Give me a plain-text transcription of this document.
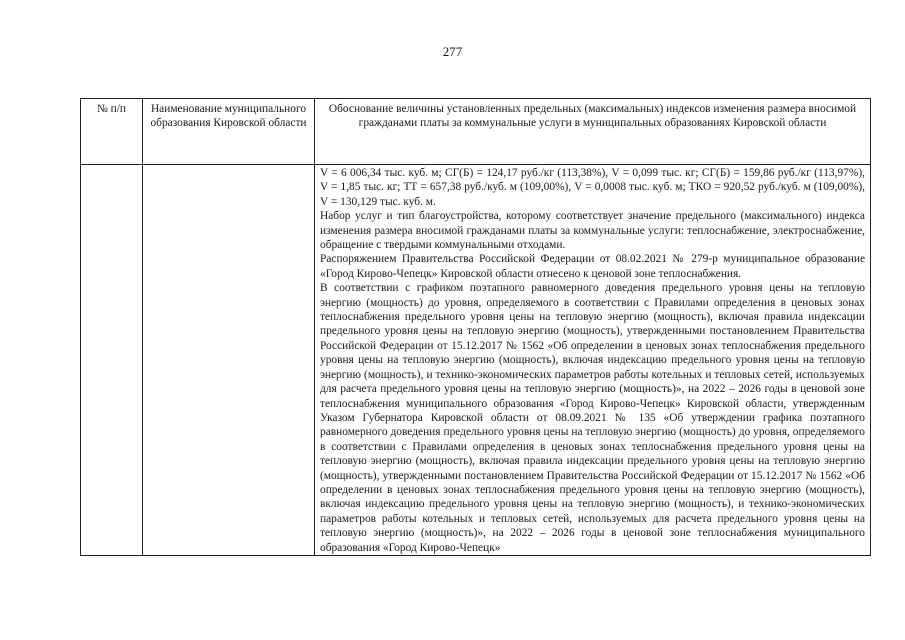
277
№ п/п	Наименование муниципального образования Кировской области	Обоснование величины установленных предельных (максимальных) индексов изменения размера вносимой гражданами платы за коммунальные услуги в муниципальных образованиях Кировской области

		V = 6 006,34 тыс. куб. м; СГ(Б) = 124,17 руб./кг (113,38%), V = 0,099 тыс. кг; СГ(Б) = 159,86 руб./кг (113,97%), V = 1,85 тыс. кг; ТТ = 657,38 руб./куб. м (109,00%), V = 0,0008 тыс. куб. м; ТКО = 920,52 руб./куб. м (109,00%), V = 130,129 тыс. куб. м.

Набор услуг и тип благоустройства, которому соответствует значение предельного (максимального) индекса изменения размера вносимой гражданами платы за коммунальные услуги: теплоснабжение, электроснабжение, обращение с твердыми коммунальными отходами.

Распоряжением Правительства Российской Федерации от 08.02.2021 № 279-р муниципальное образование «Город Кирово-Чепецк» Кировской области отнесено к ценовой зоне теплоснабжения.

В соответствии с графиком поэтапного равномерного доведения предельного уровня цены на тепловую энергию (мощность) до уровня, определяемого в соответствии с Правилами определения в ценовых зонах теплоснабжения предельного уровня цены на тепловую энергию (мощность), включая правила индексации предельного уровня цены на тепловую энергию (мощность), утвержденными постановлением Правительства Российской Федерации от 15.12.2017 № 1562 «Об определении в ценовых зонах теплоснабжения предельного уровня цены на тепловую энергию (мощность), включая индексацию предельного уровня цены на тепловую энергию (мощность), и технико-экономических параметров работы котельных и тепловых сетей, используемых для расчета предельного уровня цены на тепловую энергию (мощность)», на 2022 – 2026 годы в ценовой зоне теплоснабжения муниципального образования «Город Кирово-Чепецк» Кировской области, утвержденным Указом Губернатора Кировской области от 08.09.2021 № 135 «Об утверждении графика поэтапного равномерного доведения предельного уровня цены на тепловую энергию (мощность) до уровня, определяемого в соответствии с Правилами определения в ценовых зонах теплоснабжения предельного уровня цены на тепловую энергию (мощность), включая правила индексации предельного уровня цены на тепловую энергию (мощность), утвержденными постановлением Правительства Российской Федерации от 15.12.2017 № 1562 «Об определении в ценовых зонах теплоснабжения предельного уровня цены на тепловую энергию (мощность), включая индексацию предельного уровня цены на тепловую энергию (мощность), и технико-экономических параметров работы котельных и тепловых сетей, используемых для расчета предельного уровня цены на тепловую энергию (мощность)», на 2022 – 2026 годы в ценовой зоне теплоснабжения муниципального образования «Город Кирово-Чепецк»
